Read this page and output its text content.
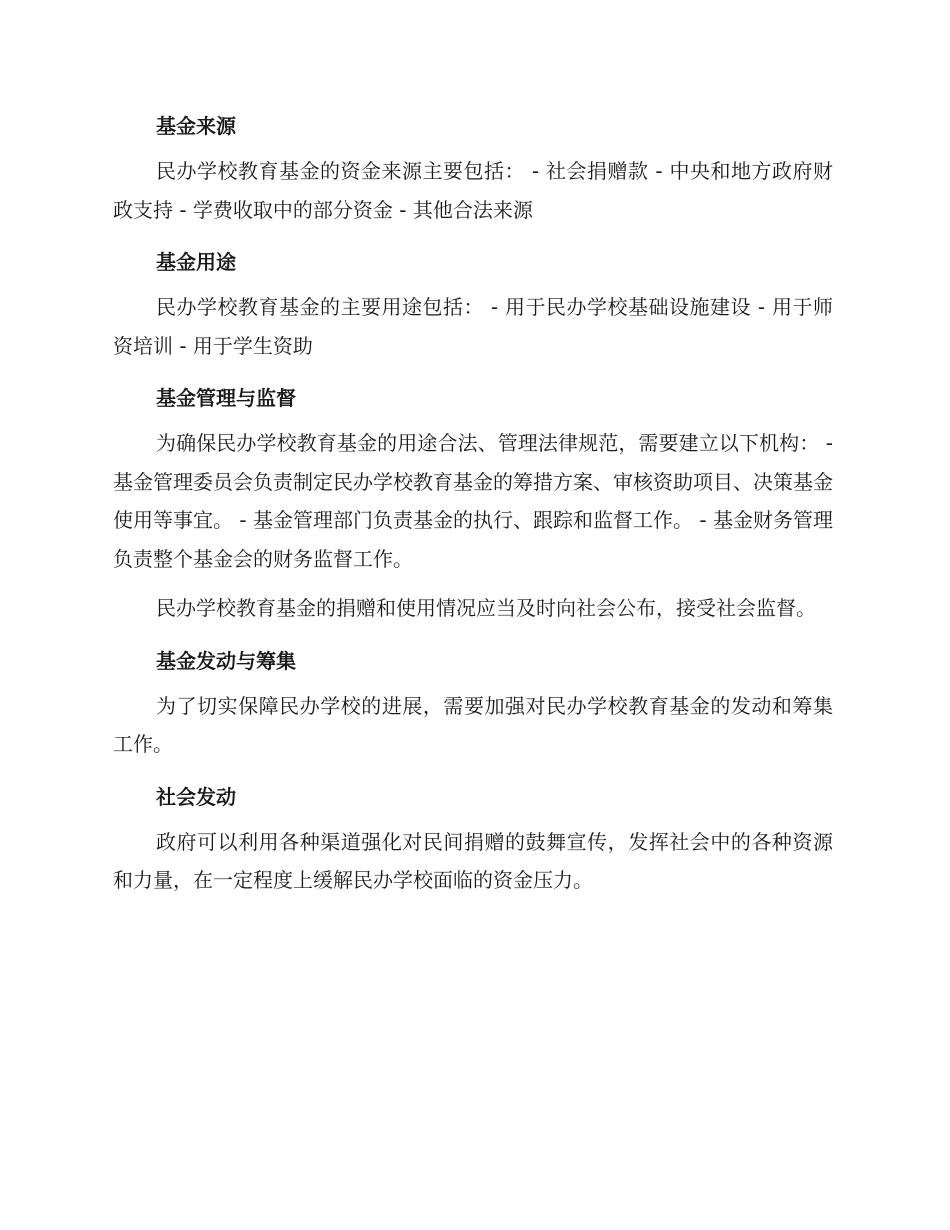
基金来源

民办学校教育基金的资金来源主要包括： - 社会捐赠款 - 中央和地方政府财政支持 - 学费收取中的部分资金 - 其他合法来源

基金用途

民办学校教育基金的主要用途包括： - 用于民办学校基础设施建设 - 用于师资培训 - 用于学生资助

基金管理与监督

为确保民办学校教育基金的用途合法、管理法律规范，需要建立以下机构： - 基金管理委员会负责制定民办学校教育基金的筹措方案、审核资助项目、决策基金使用等事宜。 - 基金管理部门负责基金的执行、跟踪和监督工作。 - 基金财务管理负责整个基金会的财务监督工作。

民办学校教育基金的捐赠和使用情况应当及时向社会公布，接受社会监督。

基金发动与筹集

为了切实保障民办学校的进展，需要加强对民办学校教育基金的发动和筹集工作。

社会发动

政府可以利用各种渠道强化对民间捐赠的鼓舞宣传，发挥社会中的各种资源和力量，在一定程度上缓解民办学校面临的资金压力。
